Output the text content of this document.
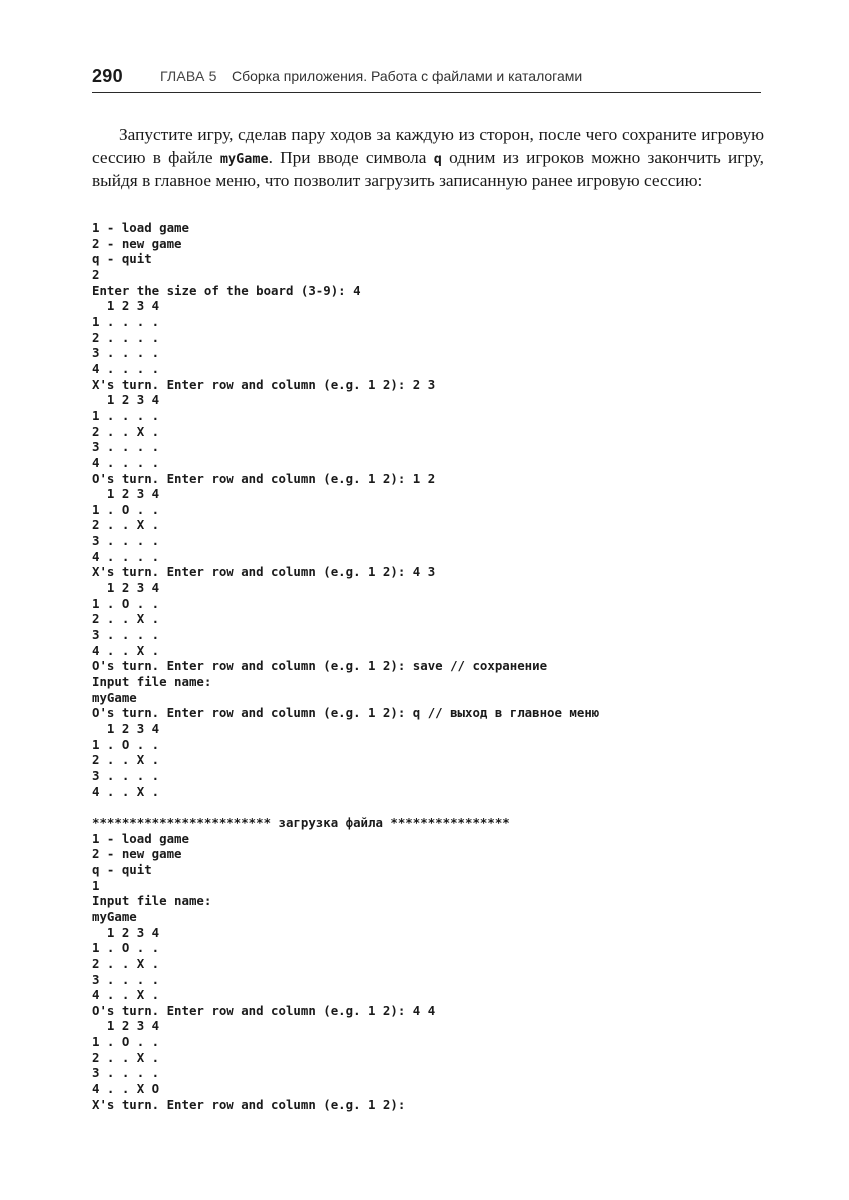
290	ГЛАВА 5 Сборка приложения. Работа с файлами и каталогами

Запустите игру, сделав пару ходов за каждую из сторон, после чего сохраните игровую сессию в файле myGame. При вводе символа q одним из игроков можно закончить игру, выйдя в главное меню, что позволит загрузить записанную ранее игровую сессию:

1 - load game
2 - new game
q - quit
2
Enter the size of the board (3-9): 4
1 2 3 4
1 . . . .
2 . . . .
3 . . . .
4 . . . .
X's turn. Enter row and column (e.g. 1 2): 2 3
1 2 3 4
1 . . . .
2 . . X .
3 . . . .
4 . . . .
O's turn. Enter row and column (e.g. 1 2): 1 2
1 2 3 4
1 . O . .
2 . . X .
3 . . . .
4 . . . .
X's turn. Enter row and column (e.g. 1 2): 4 3
1 2 3 4
1 . O . .
2 . . X .
3 . . . .
4 . . X .
O's turn. Enter row and column (e.g. 1 2): save // сохранение
Input file name:
myGame
O's turn. Enter row and column (e.g. 1 2): q // выход в главное меню
1 2 3 4
1 . O . .
2 . . X .
3 . . . .
4 . . X .

************************ загрузка файла ****************
1 - load game
2 - new game
q - quit
1
Input file name:
myGame
1 2 3 4
1 . O . .
2 . . X .
3 . . . .
4 . . X .
O's turn. Enter row and column (e.g. 1 2): 4 4
1 2 3 4
1 . O . .
2 . . X .
3 . . . .
4 . . X O
X's turn. Enter row and column (e.g. 1 2):
